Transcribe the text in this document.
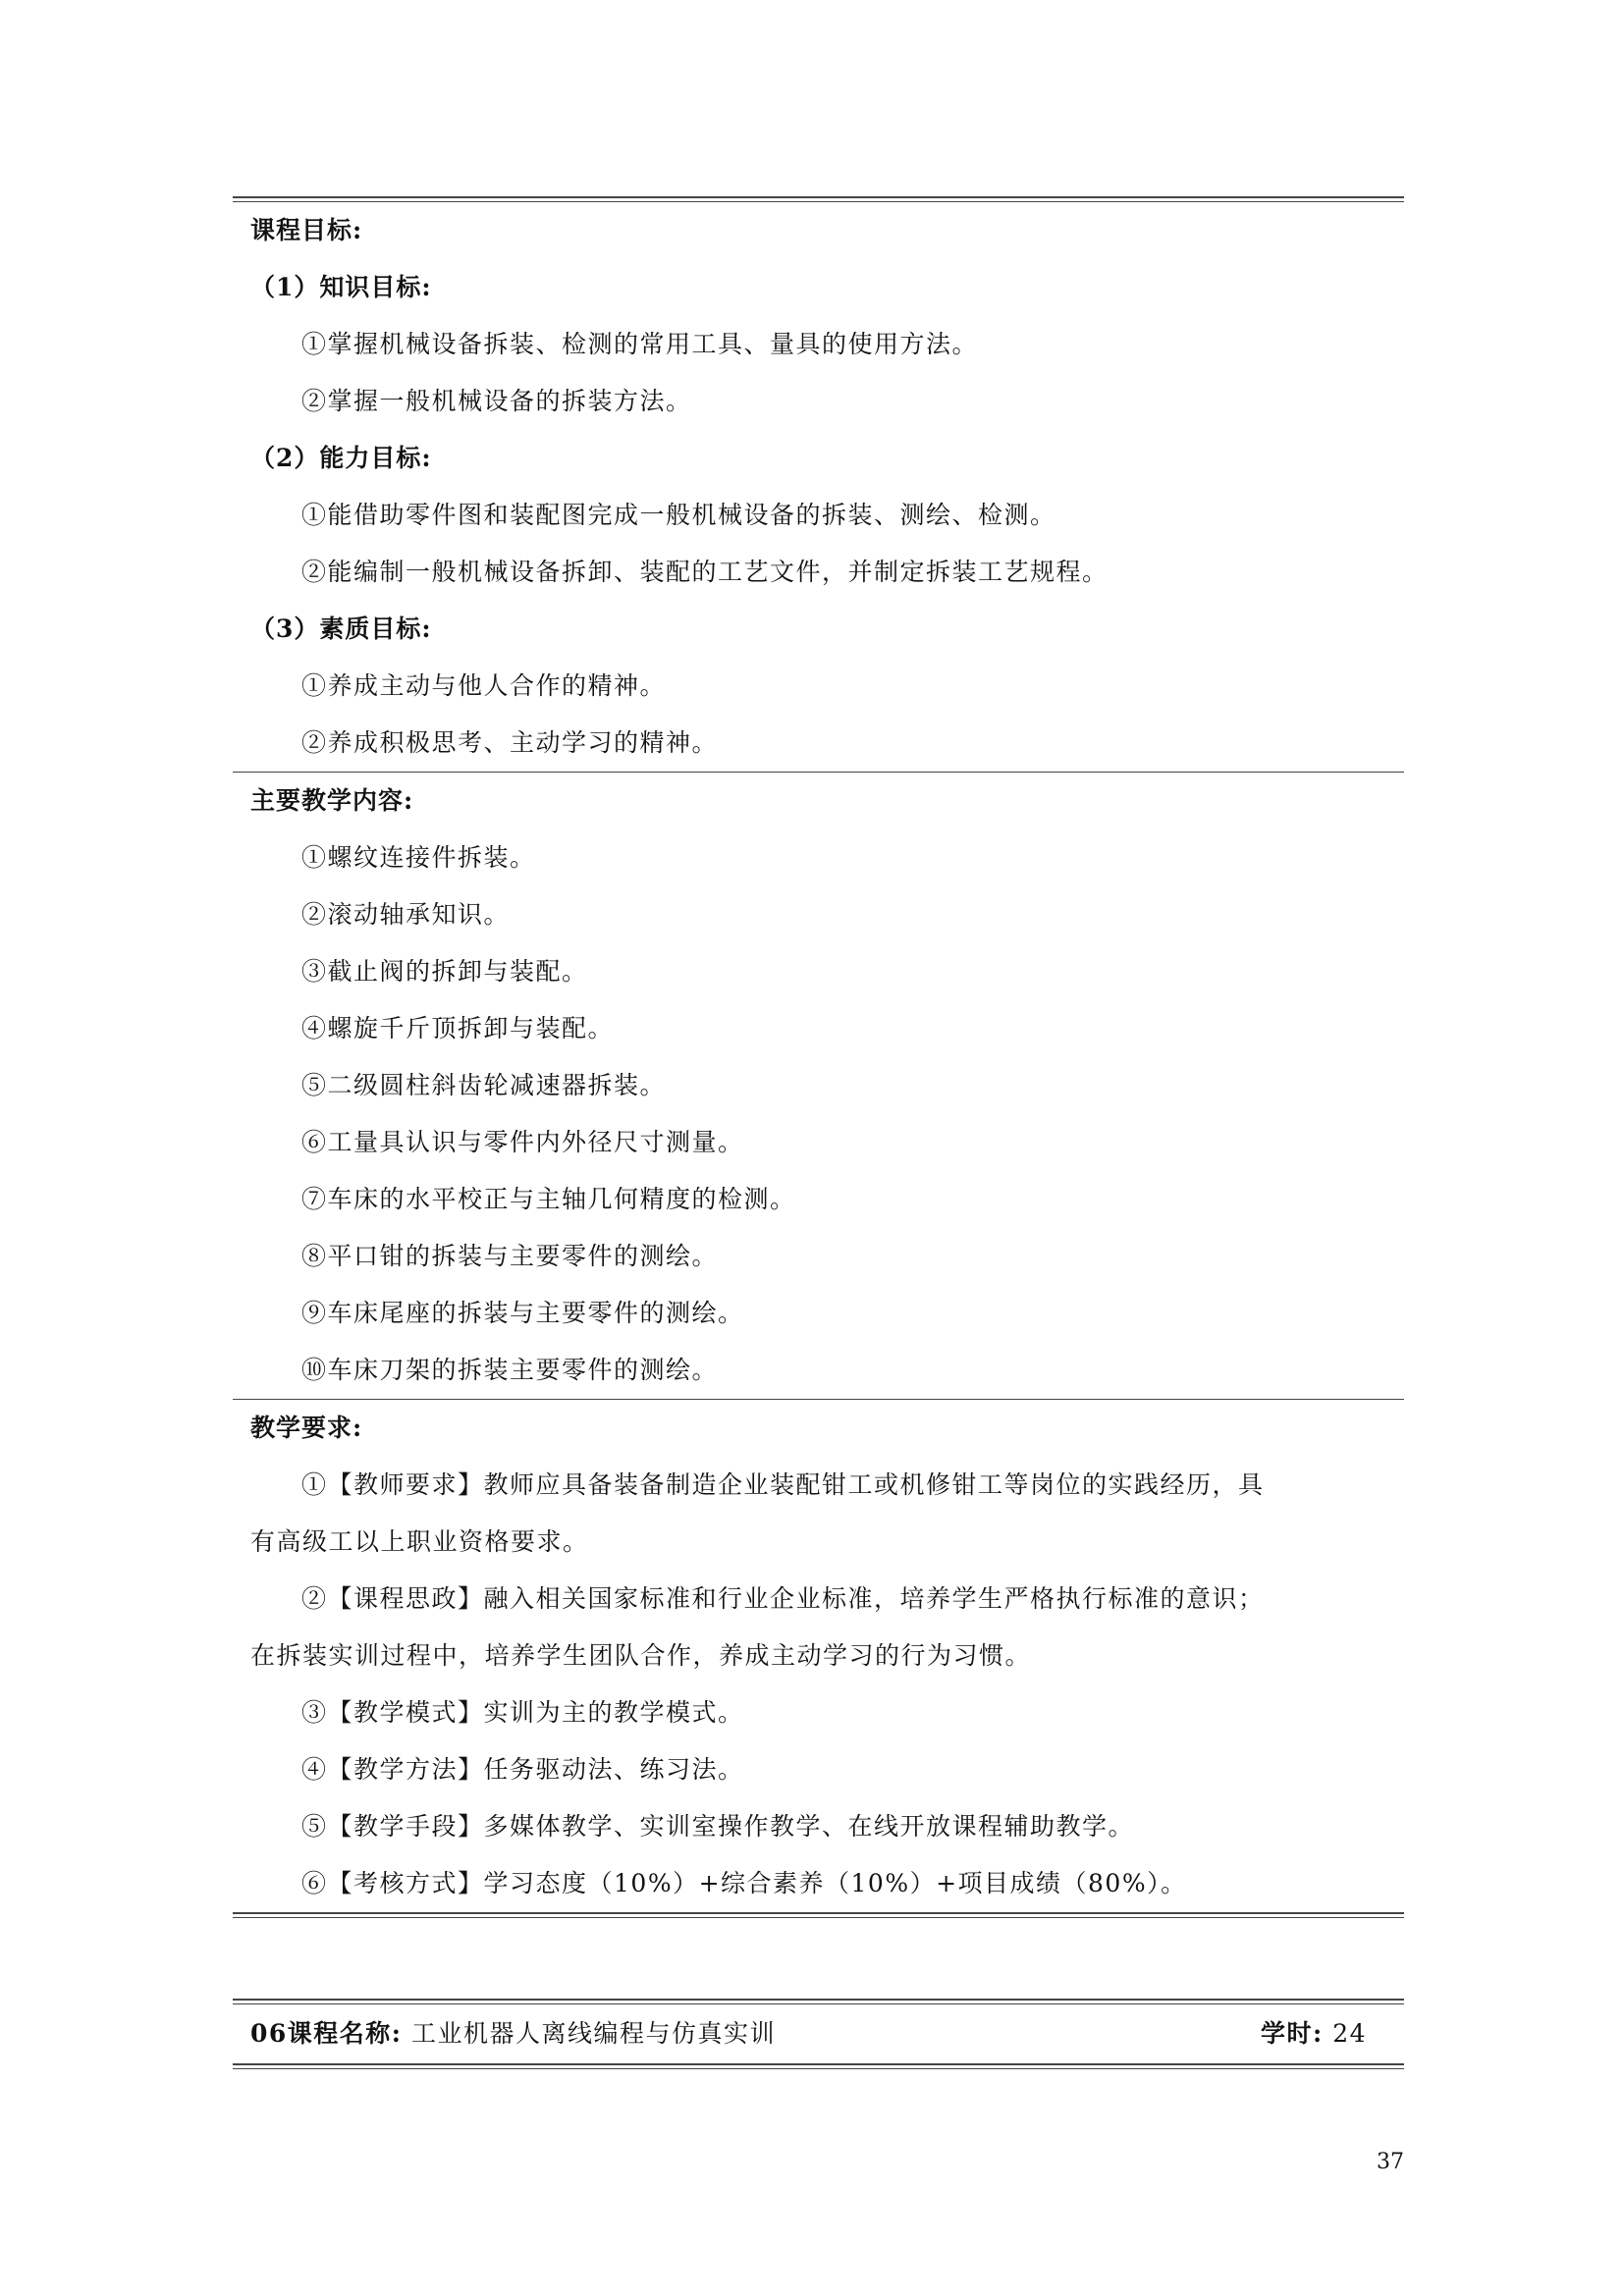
课程目标:
（1）知识目标:
①掌握机械设备拆装、检测的常用工具、量具的使用方法。
②掌握一般机械设备的拆装方法。
（2）能力目标:
①能借助零件图和装配图完成一般机械设备的拆装、测绘、检测。
②能编制一般机械设备拆卸、装配的工艺文件，并制定拆装工艺规程。
（3）素质目标:
①养成主动与他人合作的精神。
②养成积极思考、主动学习的精神。
主要教学内容:
①螺纹连接件拆装。
②滚动轴承知识。
③截止阀的拆卸与装配。
④螺旋千斤顶拆卸与装配。
⑤二级圆柱斜齿轮减速器拆装。
⑥工量具认识与零件内外径尺寸测量。
⑦车床的水平校正与主轴几何精度的检测。
⑧平口钳的拆装与主要零件的测绘。
⑨车床尾座的拆装与主要零件的测绘。
⑩车床刀架的拆装主要零件的测绘。
教学要求:
①【教师要求】教师应具备装备制造企业装配钳工或机修钳工等岗位的实践经历，具
有高级工以上职业资格要求。
②【课程思政】融入相关国家标准和行业企业标准，培养学生严格执行标准的意识；
在拆装实训过程中，培养学生团队合作，养成主动学习的行为习惯。
③【教学模式】实训为主的教学模式。
④【教学方法】任务驱动法、练习法。
⑤【教学手段】多媒体教学、实训室操作教学、在线开放课程辅助教学。
⑥【考核方式】学习态度（10%）+综合素养（10%）+项目成绩（80%）。
06课程名称: 工业机器人离线编程与仿真实训	学时: 24
37
